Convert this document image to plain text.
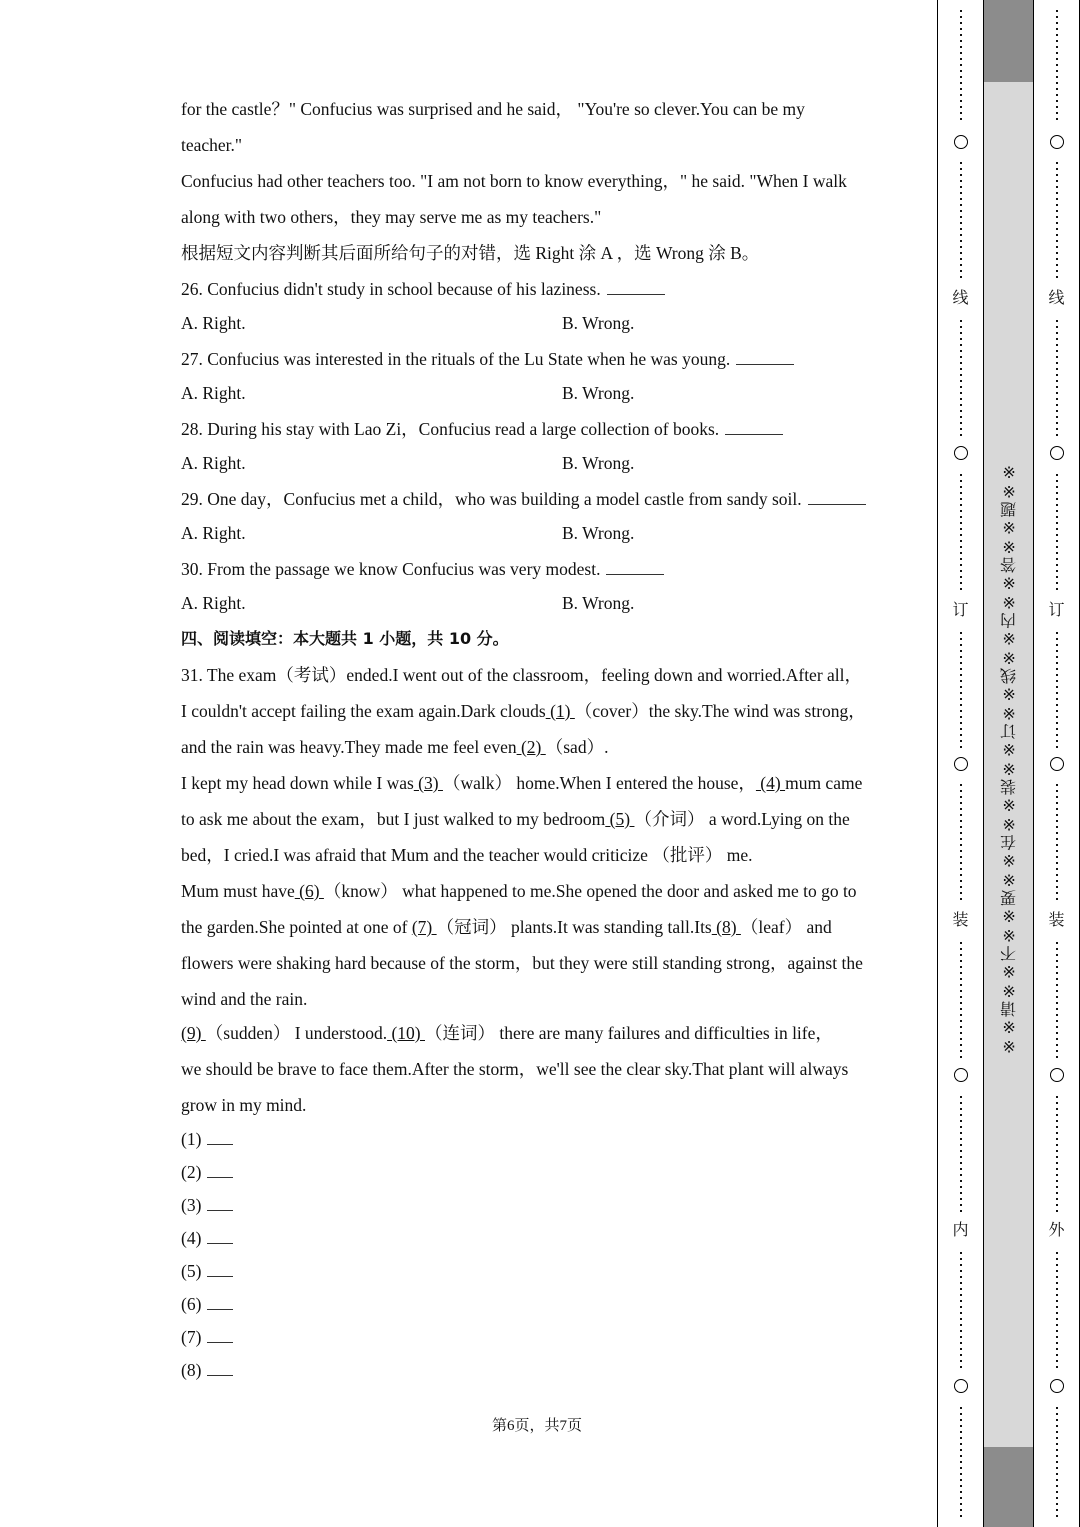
for the castle？" Confucius was surprised and he said， "You're so clever.You can be my
teacher."
Confucius had other teachers too. "I am not born to know everything，" he said. "When I walk
along with two others，they may serve me as my teachers."
根据短文内容判断其后面所给句子的对错，选 Right 涂 A ，选 Wrong 涂 B。
26. Confucius didn't study in school because of his laziness.
A. Right.	B. Wrong.
27. Confucius was interested in the rituals of the Lu State when he was young.
A. Right.	B. Wrong.
28. During his stay with Lao Zi，Confucius read a large collection of books.
A. Right.	B. Wrong.
29. One day，Confucius met a child，who was building a model castle from sandy soil.
A. Right.	B. Wrong.
30. From the passage we know Confucius was very modest.
A. Right.	B. Wrong.
四、阅读填空：本大题共 1 小题，共 10 分。
31. The exam（考试）ended.I went out of the classroom，feeling down and worried.After all，
I couldn't accept failing the exam again.Dark clouds (1) （cover）the sky.The wind was strong，
and the rain was heavy.They made me feel even (2) （sad）.
I kept my head down while I was (3) （walk） home.When I entered the house， (4) mum came
to ask me about the exam，but I just walked to my bedroom (5) （介词） a word.Lying on the
bed，I cried.I was afraid that Mum and the teacher would criticize （批评） me.
Mum must have (6) （know） what happened to me.She opened the door and asked me to go to
the garden.She pointed at one of (7) （冠词） plants.It was standing tall.Its (8) （leaf） and
flowers were shaking hard because of the storm，but they were still standing strong，against the
wind and the rain.
(9) （sudden） I understood. (10) （连词） there are many failures and difficulties in life，
we should be brave to face them.After the storm，we'll see the clear sky.That plant will always
grow in my mind.
(1)
(2)
(3)
(4)
(5)
(6)
(7)
(8)
第6页，共7页
线
订
装
内
※※请※※不※※要※※在※※装※※订※※线※※内※※答※※题※※
线
订
装
外
